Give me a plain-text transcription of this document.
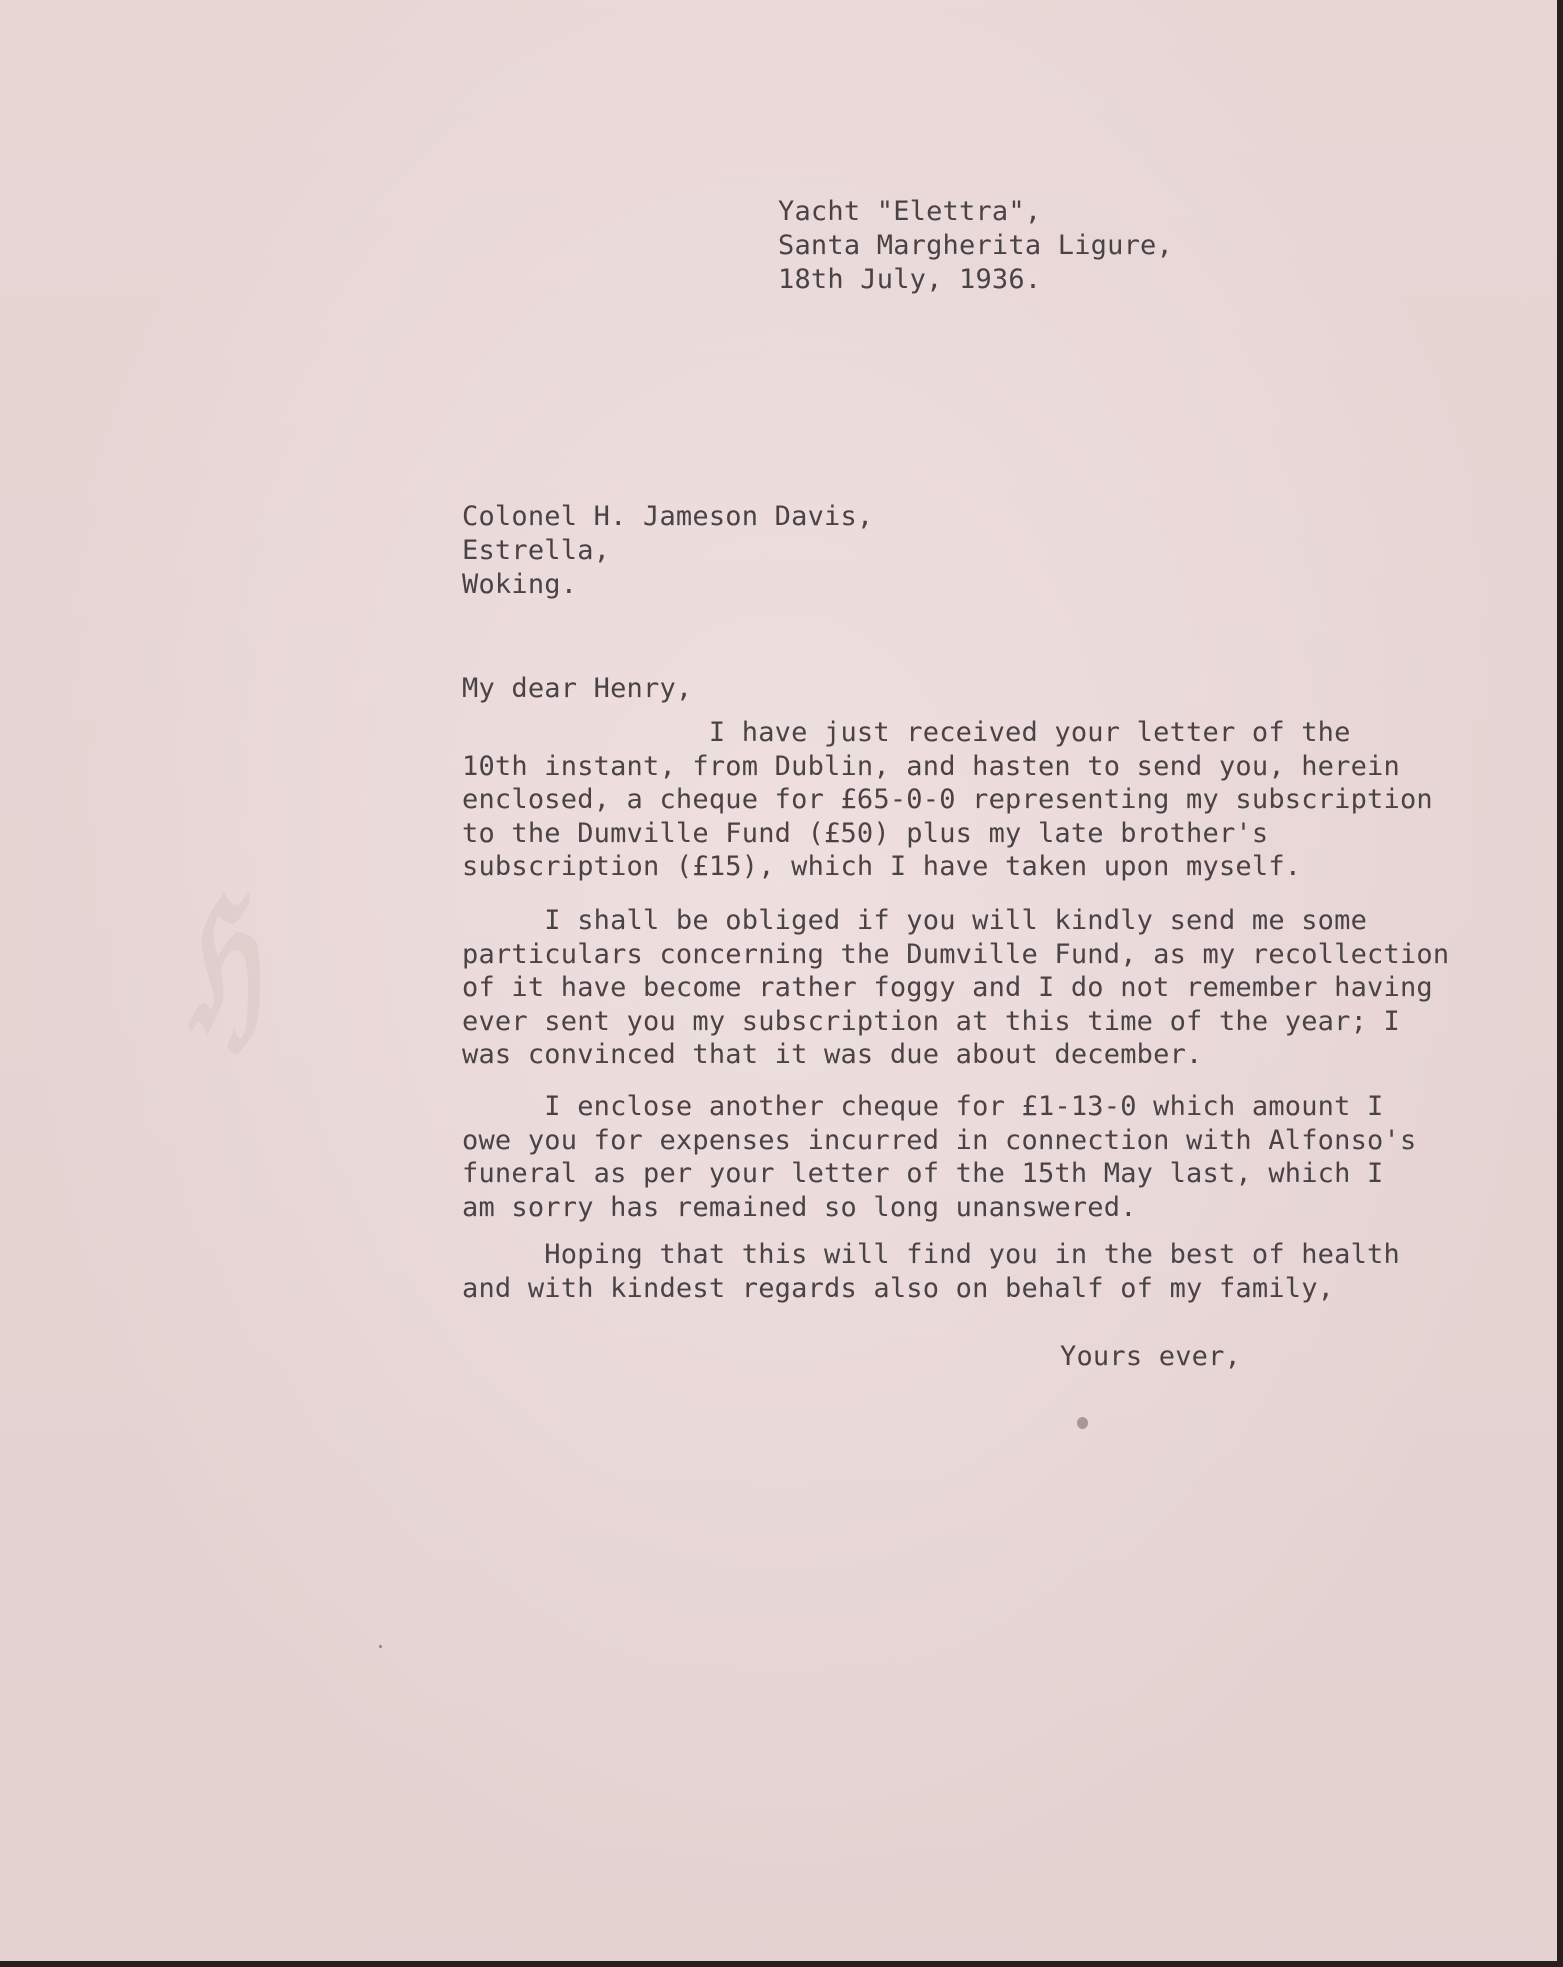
ℌ
Yacht "Elettra",
Santa Margherita Ligure,
18th July, 1936.
Colonel H. Jameson Davis,
Estrella,
Woking.
My dear Henry,
I have just received your letter of the
10th instant, from Dublin, and hasten to send you, herein
enclosed, a cheque for £65-0-0 representing my subscription
to the Dumville Fund (£50) plus my late brother's
subscription (£15), which I have taken upon myself.
I shall be obliged if you will kindly send me some
particulars concerning the Dumville Fund, as my recollection
of it have become rather foggy and I do not remember having
ever sent you my subscription at this time of the year; I
was convinced that it was due about december.
I enclose another cheque for £1-13-0 which amount I
owe you for expenses incurred in connection with Alfonso's
funeral as per your letter of the 15th May last, which I
am sorry has remained so long unanswered.
Hoping that this will find you in the best of health
and with kindest regards also on behalf of my family,
Yours ever,
